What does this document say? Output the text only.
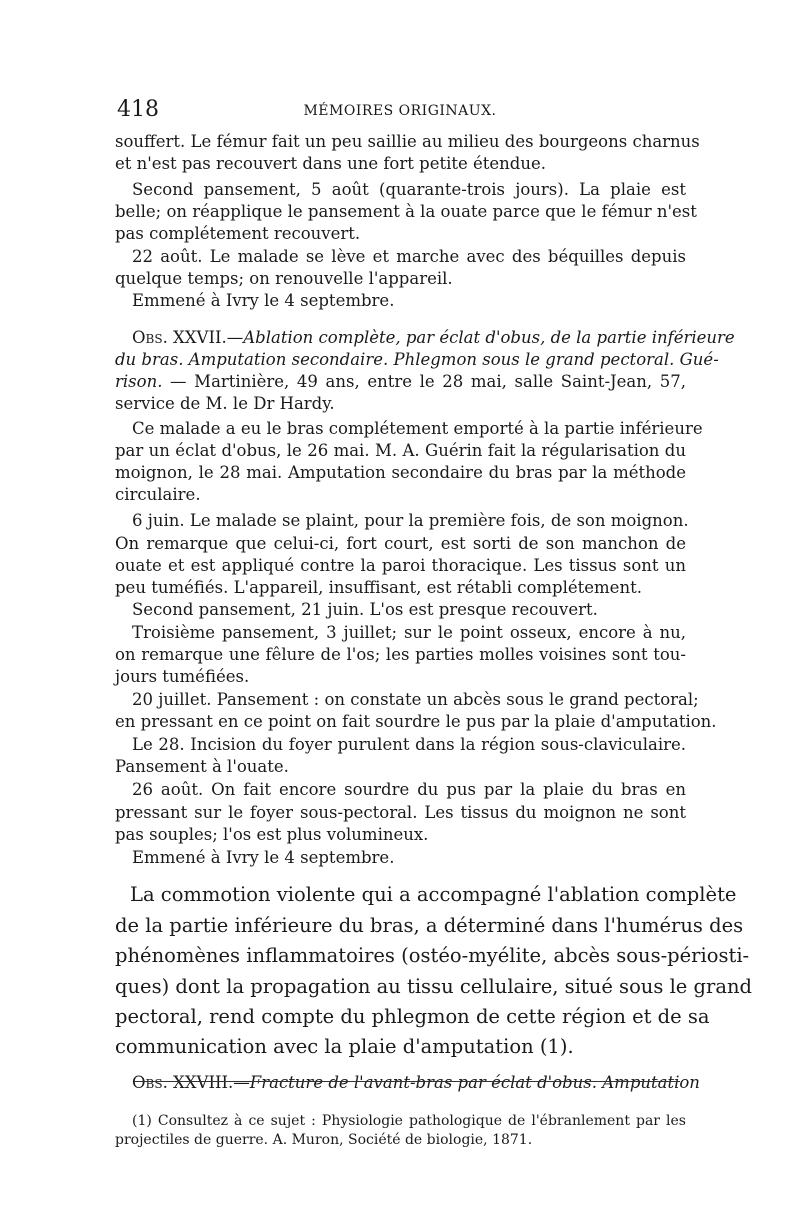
418	MÉMOIRES ORIGINAUX.
souffert. Le fémur fait un peu saillie au milieu des bourgeons charnus
et n'est pas recouvert dans une fort petite étendue.
Second pansement, 5 août (quarante-trois jours). La plaie est
belle; on réapplique le pansement à la ouate parce que le fémur n'est
pas complétement recouvert.
22 août. Le malade se lève et marche avec des béquilles depuis
quelque temps; on renouvelle l'appareil.
Emmené à Ivry le 4 septembre.
Obs. XXVII.—Ablation complète, par éclat d'obus, de la partie inférieure
du bras. Amputation secondaire. Phlegmon sous le grand pectoral. Gué-
rison. — Martinière, 49 ans, entre le 28 mai, salle Saint-Jean, 57,
service de M. le Dr Hardy.
Ce malade a eu le bras complétement emporté à la partie inférieure
par un éclat d'obus, le 26 mai. M. A. Guérin fait la régularisation du
moignon, le 28 mai. Amputation secondaire du bras par la méthode
circulaire.
6 juin. Le malade se plaint, pour la première fois, de son moignon.
On remarque que celui-ci, fort court, est sorti de son manchon de
ouate et est appliqué contre la paroi thoracique. Les tissus sont un
peu tuméfiés. L'appareil, insuffisant, est rétabli complétement.
Second pansement, 21 juin. L'os est presque recouvert.
Troisième pansement, 3 juillet; sur le point osseux, encore à nu,
on remarque une fêlure de l'os; les parties molles voisines sont tou-
jours tuméfiées.
20 juillet. Pansement : on constate un abcès sous le grand pectoral;
en pressant en ce point on fait sourdre le pus par la plaie d'amputation.
Le 28. Incision du foyer purulent dans la région sous-claviculaire.
Pansement à l'ouate.
26 août. On fait encore sourdre du pus par la plaie du bras en
pressant sur le foyer sous-pectoral. Les tissus du moignon ne sont
pas souples; l'os est plus volumineux.
Emmené à Ivry le 4 septembre.
La commotion violente qui a accompagné l'ablation complète
de la partie inférieure du bras, a déterminé dans l'humérus des
phénomènes inflammatoires (ostéo-myélite, abcès sous-périosti-
ques) dont la propagation au tissu cellulaire, situé sous le grand
pectoral, rend compte du phlegmon de cette région et de sa
communication avec la plaie d'amputation (1).
Obs. XXVIII.—Fracture de l'avant-bras par éclat d'obus. Amputation
(1) Consultez à ce sujet : Physiologie pathologique de l'ébranlement par les
projectiles de guerre. A. Muron, Société de biologie, 1871.
